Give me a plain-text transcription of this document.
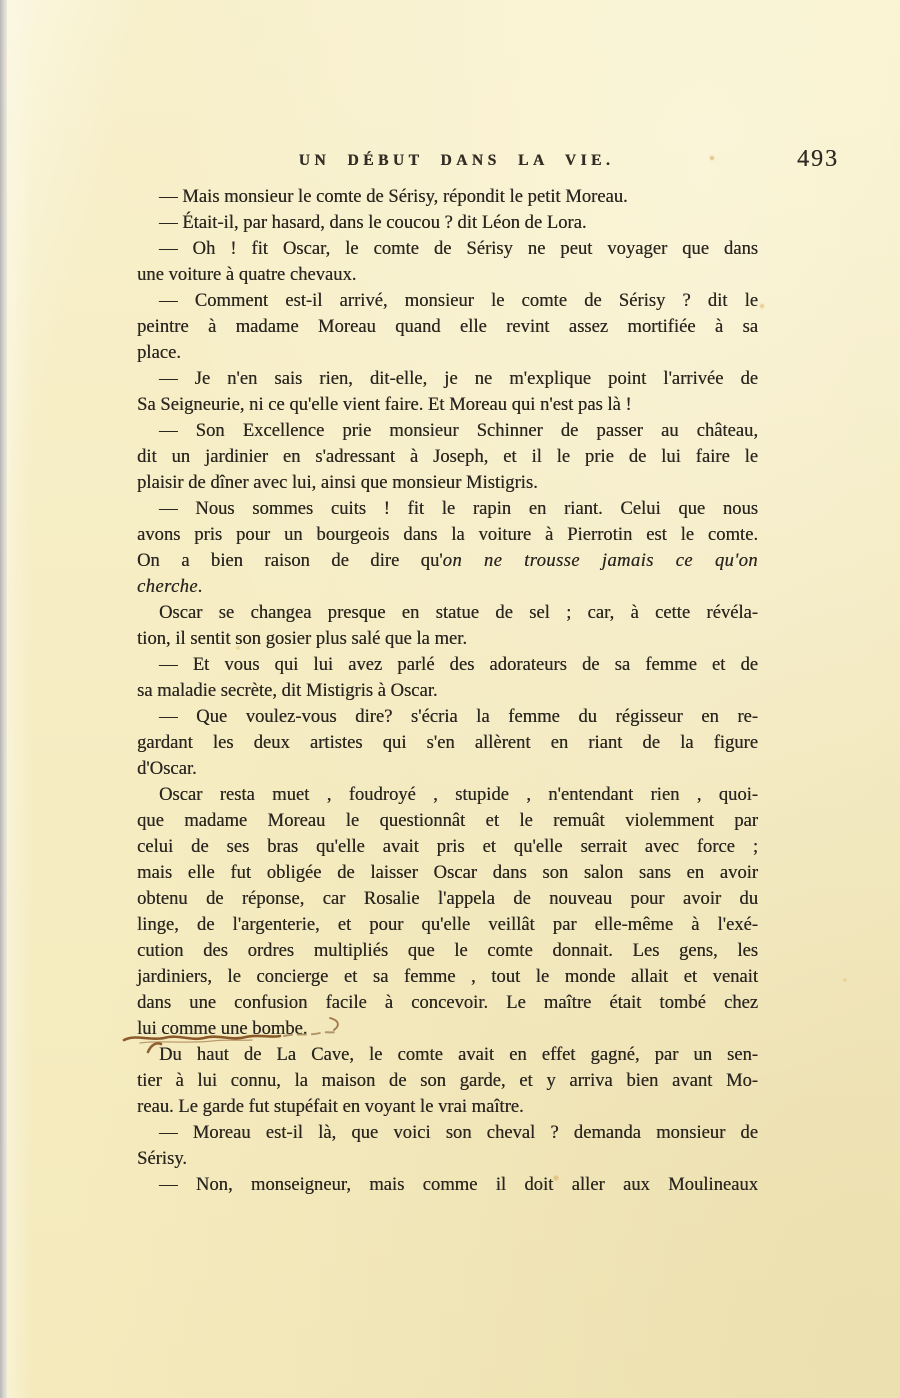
UN DÉBUT DANS LA VIE.	493
— Mais monsieur le comte de Sérisy, répondit le petit Moreau.
— Était-il, par hasard, dans le coucou ? dit Léon de Lora.
— Oh ! fit Oscar, le comte de Sérisy ne peut voyager que dans
une voiture à quatre chevaux.
— Comment est-il arrivé, monsieur le comte de Sérisy ? dit le
peintre à madame Moreau quand elle revint assez mortifiée à sa
place.
— Je n'en sais rien, dit-elle, je ne m'explique point l'arrivée de
Sa Seigneurie, ni ce qu'elle vient faire. Et Moreau qui n'est pas là !
— Son Excellence prie monsieur Schinner de passer au château,
dit un jardinier en s'adressant à Joseph, et il le prie de lui faire le
plaisir de dîner avec lui, ainsi que monsieur Mistigris.
— Nous sommes cuits ! fit le rapin en riant. Celui que nous
avons pris pour un bourgeois dans la voiture à Pierrotin est le comte.
On a bien raison de dire qu'on ne trousse jamais ce qu'on
cherche.
Oscar se changea presque en statue de sel ; car, à cette révéla-
tion, il sentit son gosier plus salé que la mer.
— Et vous qui lui avez parlé des adorateurs de sa femme et de
sa maladie secrète, dit Mistigris à Oscar.
— Que voulez-vous dire? s'écria la femme du régisseur en re-
gardant les deux artistes qui s'en allèrent en riant de la figure
d'Oscar.
Oscar resta muet , foudroyé , stupide , n'entendant rien , quoi-
que madame Moreau le questionnât et le remuât violemment par
celui de ses bras qu'elle avait pris et qu'elle serrait avec force ;
mais elle fut obligée de laisser Oscar dans son salon sans en avoir
obtenu de réponse, car Rosalie l'appela de nouveau pour avoir du
linge, de l'argenterie, et pour qu'elle veillât par elle-même à l'exé-
cution des ordres multipliés que le comte donnait. Les gens, les
jardiniers, le concierge et sa femme , tout le monde allait et venait
dans une confusion facile à concevoir. Le maître était tombé chez
lui comme une bombe.
Du haut de La Cave, le comte avait en effet gagné, par un sen-
tier à lui connu, la maison de son garde, et y arriva bien avant Mo-
reau. Le garde fut stupéfait en voyant le vrai maître.
— Moreau est-il là, que voici son cheval ? demanda monsieur de
Sérisy.
— Non, monseigneur, mais comme il doit aller aux Moulineaux
